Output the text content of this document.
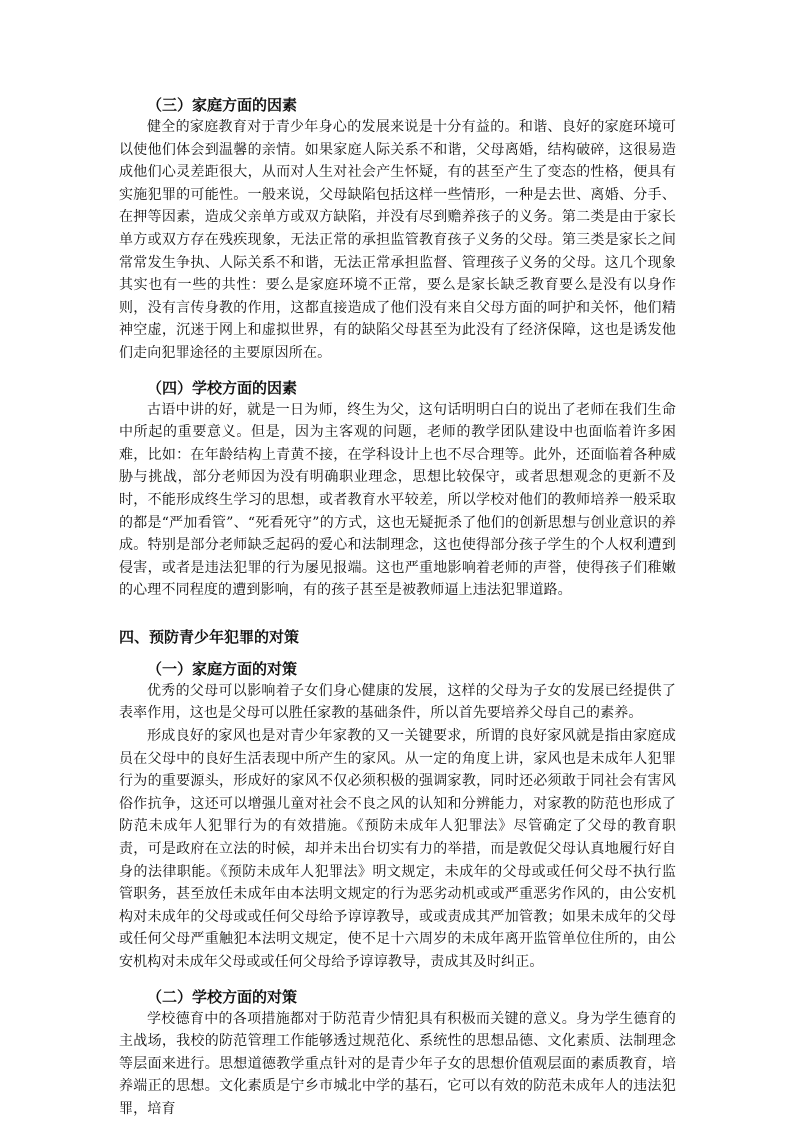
（三）家庭方面的因素

健全的家庭教育对于青少年身心的发展来说是十分有益的。和谐、良好的家庭环境可以使他们体会到温馨的亲情。如果家庭人际关系不和谐，父母离婚，结构破碎，这很易造成他们心灵差距很大，从而对人生对社会产生怀疑，有的甚至产生了变态的性格，便具有实施犯罪的可能性。一般来说，父母缺陷包括这样一些情形，一种是去世、离婚、分手、在押等因素，造成父亲单方或双方缺陷，并没有尽到赡养孩子的义务。第二类是由于家长单方或双方存在残疾现象，无法正常的承担监管教育孩子义务的父母。第三类是家长之间常常发生争执、人际关系不和谐，无法正常承担监督、管理孩子义务的父母。这几个现象其实也有一些的共性：要么是家庭环境不正常，要么是家长缺乏教育要么是没有以身作则，没有言传身教的作用，这都直接造成了他们没有来自父母方面的呵护和关怀，他们精神空虚，沉迷于网上和虚拟世界，有的缺陷父母甚至为此没有了经济保障，这也是诱发他们走向犯罪途径的主要原因所在。

（四）学校方面的因素

古语中讲的好，就是一日为师，终生为父，这句话明明白白的说出了老师在我们生命中所起的重要意义。但是，因为主客观的问题，老师的教学团队建设中也面临着许多困难，比如：在年龄结构上青黄不接，在学科设计上也不尽合理等。此外，还面临着各种威胁与挑战，部分老师因为没有明确职业理念，思想比较保守，或者思想观念的更新不及时，不能形成终生学习的思想，或者教育水平较差，所以学校对他们的教师培养一般采取的都是“严加看管”、“死看死守”的方式，这也无疑扼杀了他们的创新思想与创业意识的养成。特别是部分老师缺乏起码的爱心和法制理念，这也使得部分孩子学生的个人权利遭到侵害，或者是违法犯罪的行为屡见报端。这也严重地影响着老师的声誉，使得孩子们稚嫩的心理不同程度的遭到影响，有的孩子甚至是被教师逼上违法犯罪道路。

四、预防青少年犯罪的对策
（一）家庭方面的对策

优秀的父母可以影响着子女们身心健康的发展，这样的父母为子女的发展已经提供了表率作用，这也是父母可以胜任家教的基础条件，所以首先要培养父母自己的素养。

形成良好的家风也是对青少年家教的又一关键要求，所谓的良好家风就是指由家庭成员在父母中的良好生活表现中所产生的家风。从一定的角度上讲，家风也是未成年人犯罪行为的重要源头，形成好的家风不仅必须积极的强调家教，同时还必须敢于同社会有害风俗作抗争，这还可以增强儿童对社会不良之风的认知和分辨能力，对家教的防范也形成了防范未成年人犯罪行为的有效措施。《预防未成年人犯罪法》尽管确定了父母的教育职责，可是政府在立法的时候，却并未出台切实有力的举措，而是敦促父母认真地履行好自身的法律职能。《预防未成年人犯罪法》明文规定，未成年的父母或或任何父母不执行监管职务，甚至放任未成年由本法明文规定的行为恶劣动机或或严重恶劣作风的，由公安机构对未成年的父母或或任何父母给予谆谆教导，或或责成其严加管教；如果未成年的父母或任何父母严重触犯本法明文规定，使不足十六周岁的未成年离开监管单位住所的，由公安机构对未成年父母或或任何父母给予谆谆教导，责成其及时纠正。

（二）学校方面的对策

学校德育中的各项措施都对于防范青少情犯具有积极而关键的意义。身为学生德育的主战场，我校的防范管理工作能够透过规范化、系统性的思想品德、文化素质、法制理念等层面来进行。思想道德教学重点针对的是青少年子女的思想价值观层面的素质教育，培养端正的思想。文化素质是宁乡市城北中学的基石，它可以有效的防范未成年人的违法犯罪，培育
